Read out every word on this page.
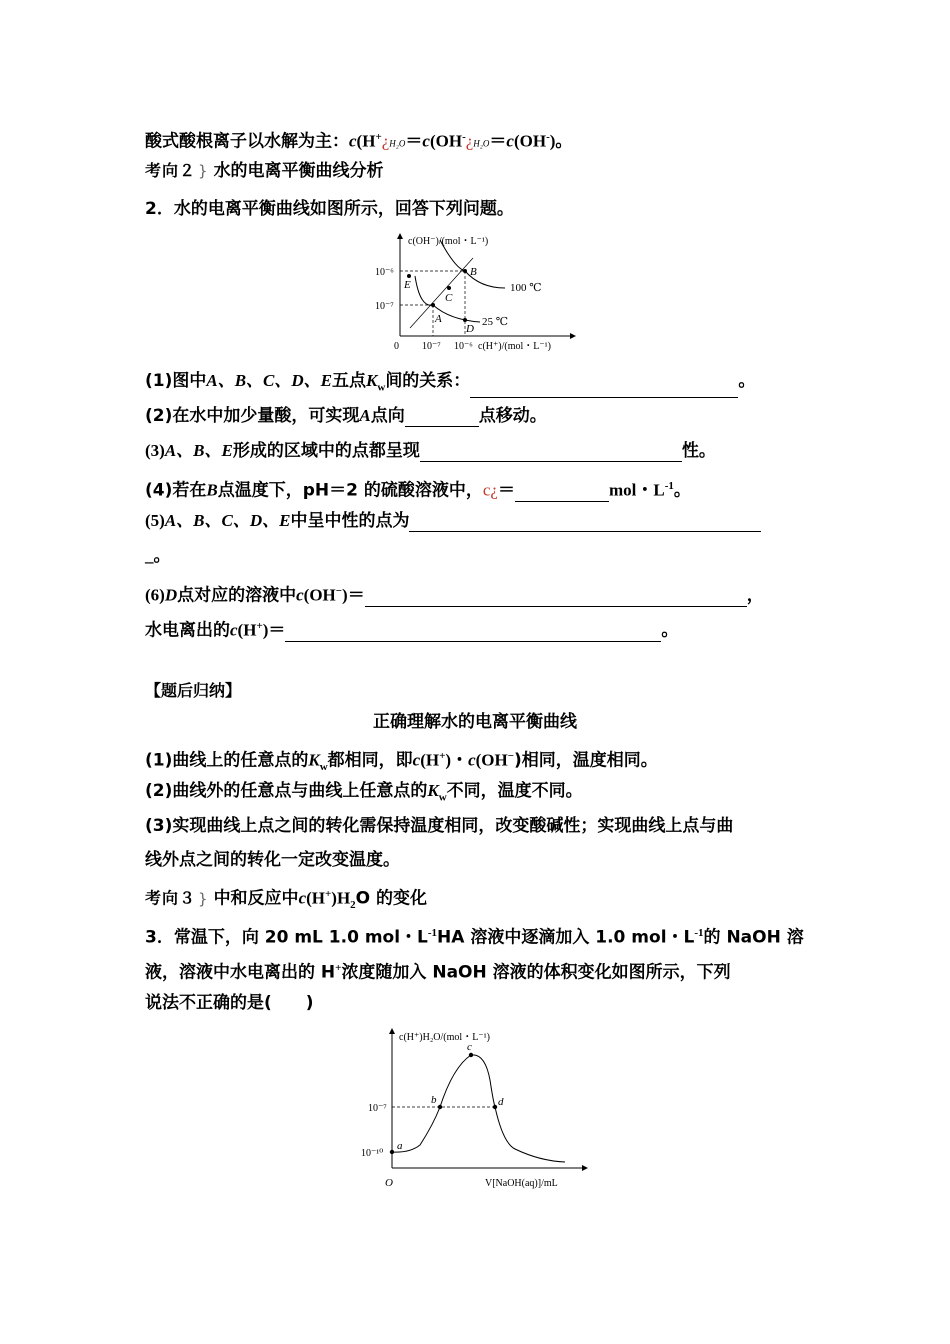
酸式酸根离子以水解为主：c(H+¿H₂O＝c(OH-¿H₂O＝c(OH-)。
考向２ } 水的电离平衡曲线分析
2．水的电离平衡曲线如图所示，回答下列问题。
E
B
C
A
D
c(OH⁻)/(mol・L⁻¹)
c(H⁺)/(mol・L⁻¹)
10⁻⁶
10⁻⁷
10⁻⁷ 10⁻⁶
0
100 ℃
25 ℃
(1)图中A、B、C、D、E五点$K_w$间的关系：	。
(2)在水中加少量酸，可实现A点向	点移动。
(3)A、B、E形成的区域中的点都呈现	性。
(4)若在B点温度下，pH＝2 的硫酸溶液中，c¿＝	mol・$L^{-1}$。
(5)A、B、C、D、E中呈中性的点为
_。
(6)D点对应的溶液中c(OH−)＝	，
水电离出的c(H+)＝	。
【题后归纳】
正确理解水的电离平衡曲线
(1)曲线上的任意点的$K_w$都相同，即c(H+)・c(OH−)相同，温度相同。
(2)曲线外的任意点与曲线上任意点的$K_w$不同，温度不同。
(3)实现曲线上点之间的转化需保持温度相同，改变酸碱性；实现曲线上点与曲
线外点之间的转化一定改变温度。
考向３ } 中和反应中$c(H^+)H_2O$ 的变化
3．常温下，向 20 mL 1.0 mol・$L^{-1}HA$ 溶液中逐滴加入 1.0 mol・$L^{-1}$的 NaOH 溶
液，溶液中水电离出的 H+浓度随加入 NaOH 溶液的体积变化如图所示，下列
说法不正确的是(　　)
a
b
c
d
c(H⁺)H₂O/(mol・L⁻¹)
V[NaOH(aq)]/mL
10⁻⁷
10⁻¹⁰
O
